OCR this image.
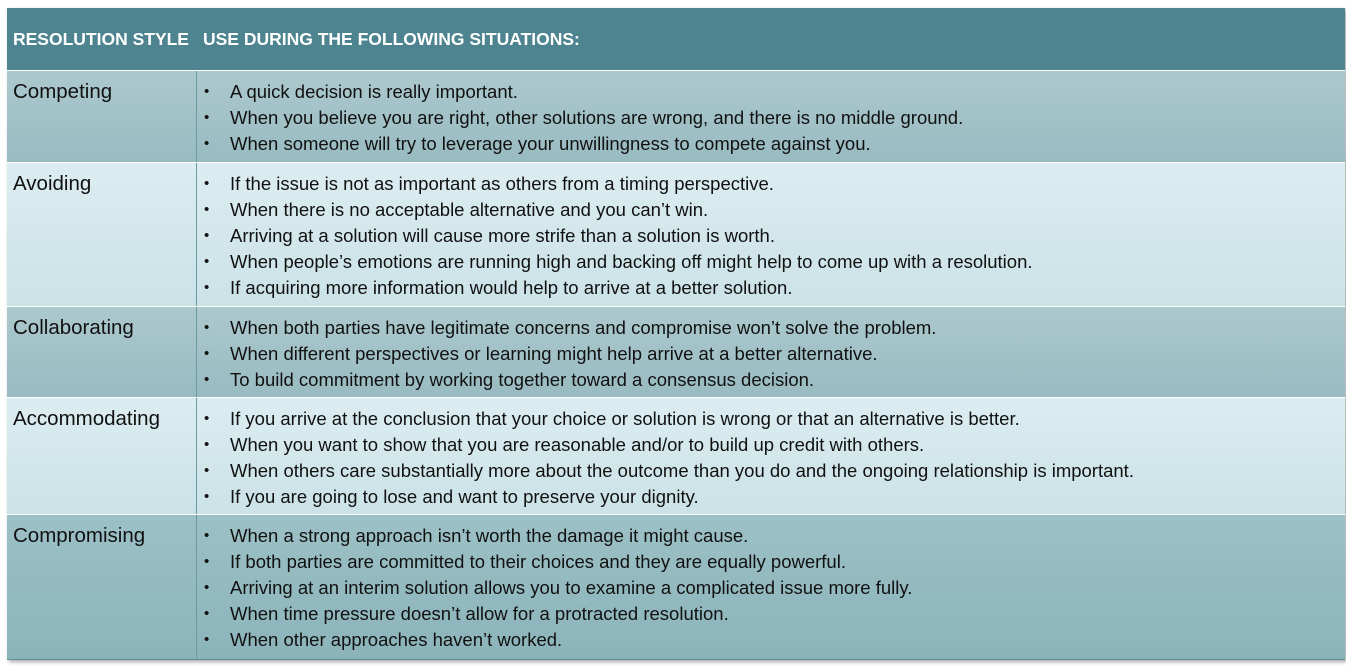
RESOLUTION STYLE USE DURING THE FOLLOWING SITUATIONS:
Competing	• A quick decision is really important.
• When you believe you are right, other solutions are wrong, and there is no middle ground.
• When someone will try to leverage your unwillingness to compete against you.
Avoiding	• If the issue is not as important as others from a timing perspective.
• When there is no acceptable alternative and you can’t win.
• Arriving at a solution will cause more strife than a solution is worth.
• When people’s emotions are running high and backing off might help to come up with a resolution.
• If acquiring more information would help to arrive at a better solution.
Collaborating	• When both parties have legitimate concerns and compromise won’t solve the problem.
• When different perspectives or learning might help arrive at a better alternative.
• To build commitment by working together toward a consensus decision.
Accommodating	• If you arrive at the conclusion that your choice or solution is wrong or that an alternative is better.
• When you want to show that you are reasonable and/or to build up credit with others.
• When others care substantially more about the outcome than you do and the ongoing relationship is important.
• If you are going to lose and want to preserve your dignity.
Compromising	• When a strong approach isn’t worth the damage it might cause.
• If both parties are committed to their choices and they are equally powerful.
• Arriving at an interim solution allows you to examine a complicated issue more fully.
• When time pressure doesn’t allow for a protracted resolution.
• When other approaches haven’t worked.
